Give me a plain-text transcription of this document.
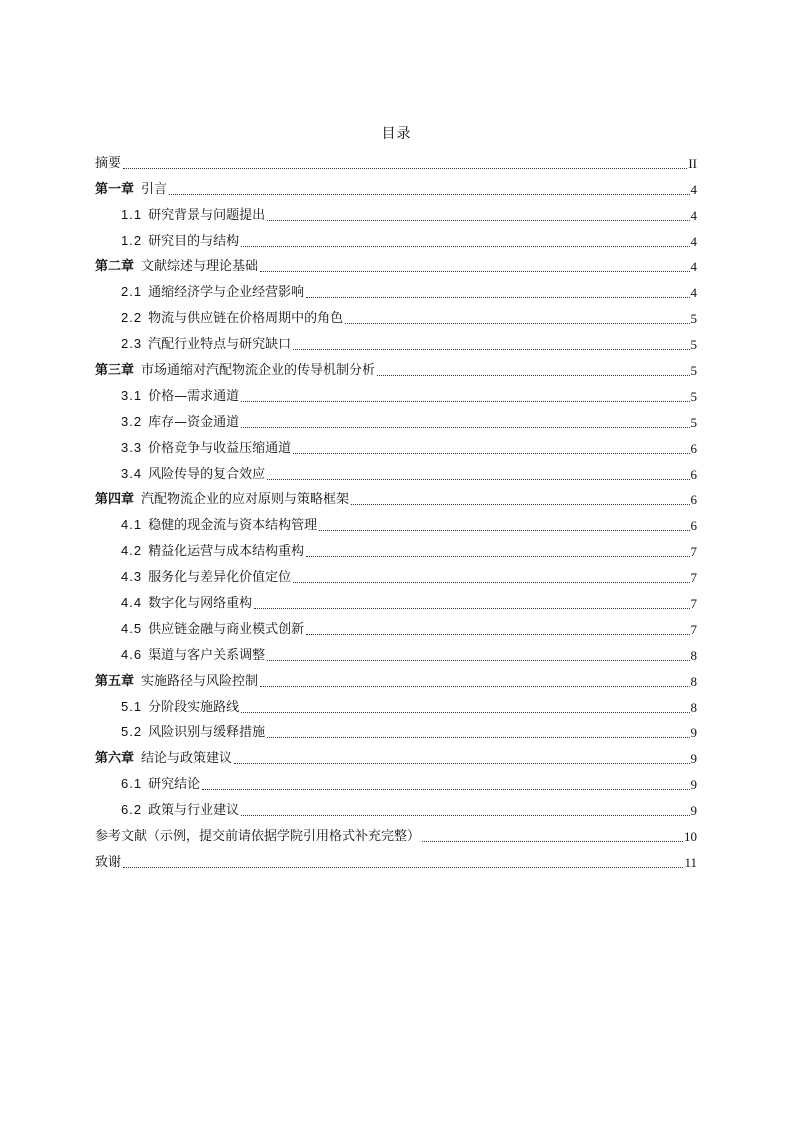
目录
摘要	II
第一章 引言	4
1.1 研究背景与问题提出	4
1.2 研究目的与结构	4
第二章 文献综述与理论基础	4
2.1 通缩经济学与企业经营影响	4
2.2 物流与供应链在价格周期中的角色	5
2.3 汽配行业特点与研究缺口	5
第三章 市场通缩对汽配物流企业的传导机制分析	5
3.1 价格—需求通道	5
3.2 库存—资金通道	5
3.3 价格竞争与收益压缩通道	6
3.4 风险传导的复合效应	6
第四章 汽配物流企业的应对原则与策略框架	6
4.1 稳健的现金流与资本结构管理	6
4.2 精益化运营与成本结构重构	7
4.3 服务化与差异化价值定位	7
4.4 数字化与网络重构	7
4.5 供应链金融与商业模式创新	7
4.6 渠道与客户关系调整	8
第五章 实施路径与风险控制	8
5.1 分阶段实施路线	8
5.2 风险识别与缓释措施	9
第六章 结论与政策建议	9
6.1 研究结论	9
6.2 政策与行业建议	9
参考文献（示例，提交前请依据学院引用格式补充完整）	10
致谢	11
